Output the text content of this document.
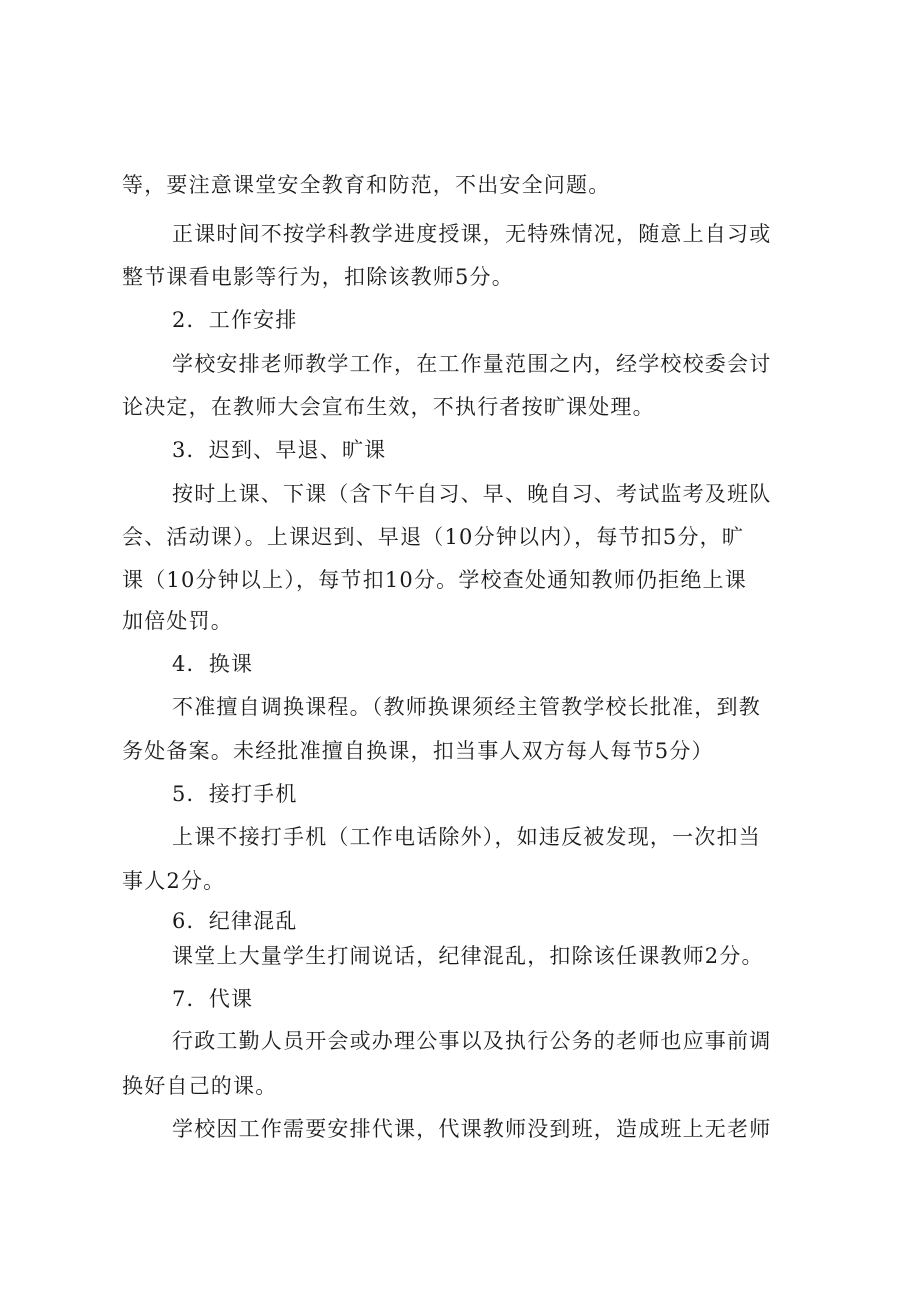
等，要注意课堂安全教育和防范，不出安全问题。
正课时间不按学科教学进度授课，无特殊情况，随意上自习或
整节课看电影等行为，扣除该教师5分。
2．工作安排
学校安排老师教学工作，在工作量范围之内，经学校校委会讨
论决定，在教师大会宣布生效，不执行者按旷课处理。
3．迟到、早退、旷课
按时上课、下课（含下午自习、早、晚自习、考试监考及班队
会、活动课）。上课迟到、早退（10分钟以内），每节扣5分，旷
课（10分钟以上），每节扣10分。学校查处通知教师仍拒绝上课
加倍处罚。
4．换课
不准擅自调换课程。（教师换课须经主管教学校长批准，到教
务处备案。未经批准擅自换课，扣当事人双方每人每节5分）
5．接打手机
上课不接打手机（工作电话除外），如违反被发现，一次扣当
事人2分。
6．纪律混乱
课堂上大量学生打闹说话，纪律混乱，扣除该任课教师2分。
7．代课
行政工勤人员开会或办理公事以及执行公务的老师也应事前调
换好自己的课。
学校因工作需要安排代课，代课教师没到班，造成班上无老师
